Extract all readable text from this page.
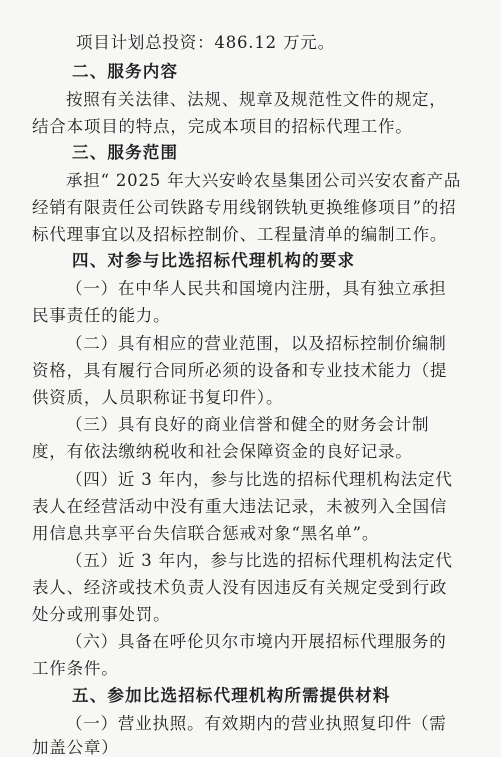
项目计划总投资：486.12 万元。
二、服务内容
按照有关法律、法规、规章及规范性文件的规定，
结合本项目的特点，完成本项目的招标代理工作。
三、服务范围
承担“ 2025 年大兴安岭农垦集团公司兴安农畜产品
经销有限责任公司铁路专用线钢铁轨更换维修项目”的招
标代理事宜以及招标控制价、工程量清单的编制工作。
四、对参与比选招标代理机构的要求
（一）在中华人民共和国境内注册，具有独立承担
民事责任的能力。
（二）具有相应的营业范围，以及招标控制价编制
资格，具有履行合同所必须的设备和专业技术能力（提
供资质，人员职称证书复印件）。
（三）具有良好的商业信誉和健全的财务会计制
度，有依法缴纳税收和社会保障资金的良好记录。
（四）近 3 年内，参与比选的招标代理机构法定代
表人在经营活动中没有重大违法记录，未被列入全国信
用信息共享平台失信联合惩戒对象“黑名单”。
（五）近 3 年内，参与比选的招标代理机构法定代
表人、经济或技术负责人没有因违反有关规定受到行政
处分或刑事处罚。
（六）具备在呼伦贝尔市境内开展招标代理服务的
工作条件。
五、参加比选招标代理机构所需提供材料
（一）营业执照。有效期内的营业执照复印件（需
加盖公章）
